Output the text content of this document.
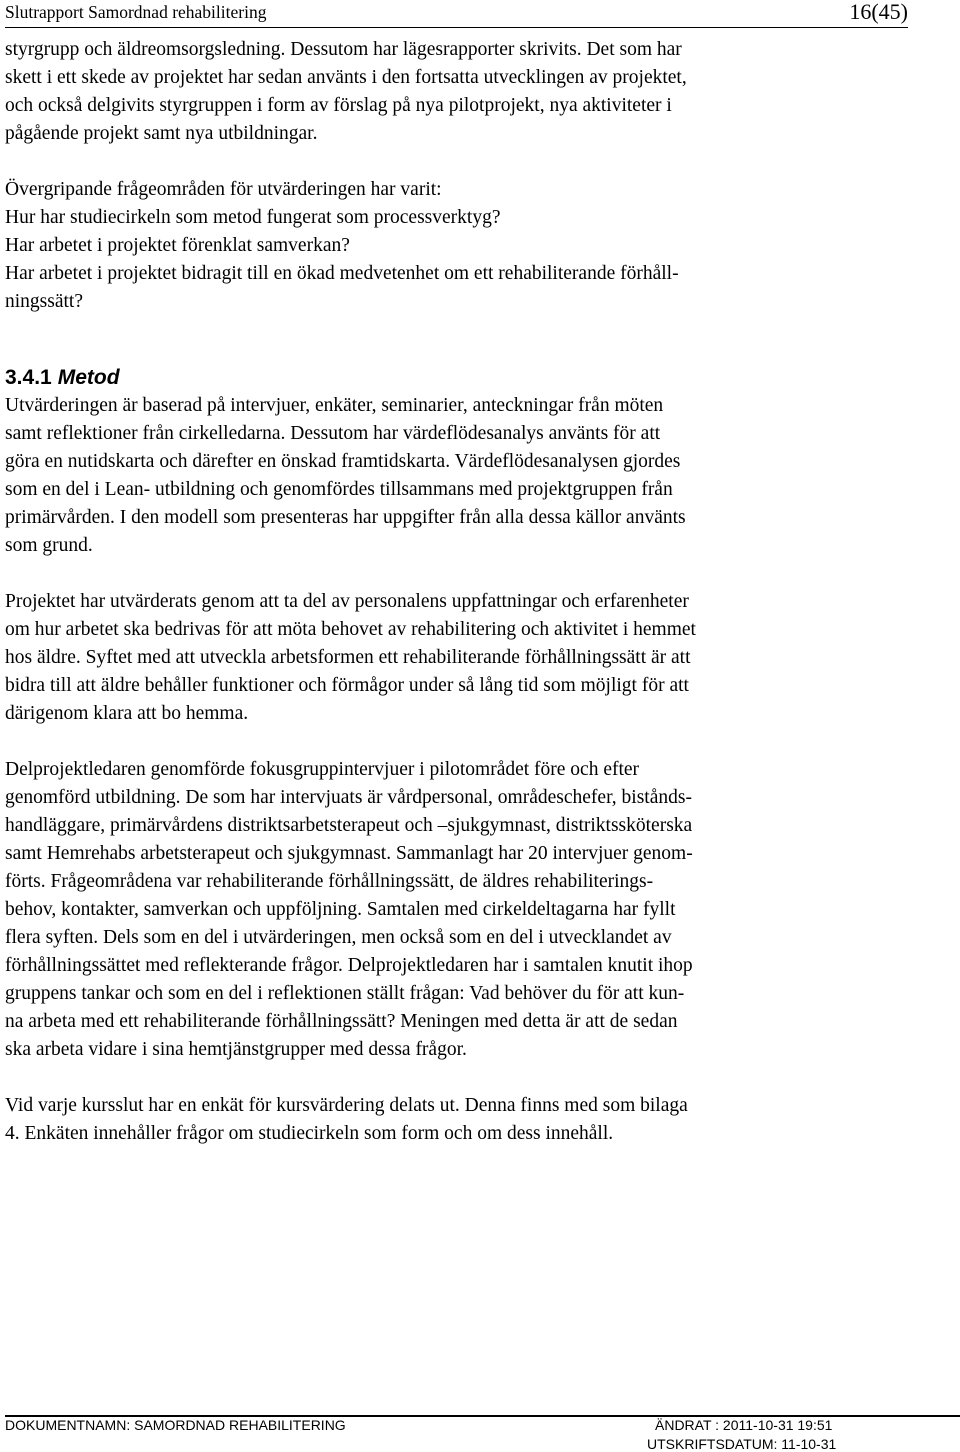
Slutrapport Samordnad rehabilitering	16(45)
styrgrupp och äldreomsorgsledning. Dessutom har lägesrapporter skrivits. Det som har
skett i ett skede av projektet har sedan använts i den fortsatta utvecklingen av projektet,
och också delgivits styrgruppen i form av förslag på nya pilotprojekt, nya aktiviteter i
pågående projekt samt nya utbildningar.
Övergripande frågeområden för utvärderingen har varit:
Hur har studiecirkeln som metod fungerat som processverktyg?
Har arbetet i projektet förenklat samverkan?
Har arbetet i projektet bidragit till en ökad medvetenhet om ett rehabiliterande förhåll-
ningssätt?
3.4.1 Metod
Utvärderingen är baserad på intervjuer, enkäter, seminarier, anteckningar från möten
samt reflektioner från cirkelledarna. Dessutom har värdeflödesanalys använts för att
göra en nutidskarta och därefter en önskad framtidskarta. Värdeflödesanalysen gjordes
som en del i Lean- utbildning och genomfördes tillsammans med projektgruppen från
primärvården. I den modell som presenteras har uppgifter från alla dessa källor använts
som grund.
Projektet har utvärderats genom att ta del av personalens uppfattningar och erfarenheter
om hur arbetet ska bedrivas för att möta behovet av rehabilitering och aktivitet i hemmet
hos äldre. Syftet med att utveckla arbetsformen ett rehabiliterande förhållningssätt är att
bidra till att äldre behåller funktioner och förmågor under så lång tid som möjligt för att
därigenom klara att bo hemma.
Delprojektledaren genomförde fokusgruppintervjuer i pilotområdet före och efter
genomförd utbildning. De som har intervjuats är vårdpersonal, områdeschefer, bistånds-
handläggare, primärvårdens distriktsarbetsterapeut och –sjukgymnast, distriktssköterska
samt Hemrehabs arbetsterapeut och sjukgymnast. Sammanlagt har 20 intervjuer genom-
förts. Frågeområdena var rehabiliterande förhållningssätt, de äldres rehabiliterings-
behov, kontakter, samverkan och uppföljning. Samtalen med cirkeldeltagarna har fyllt
flera syften. Dels som en del i utvärderingen, men också som en del i utvecklandet av
förhållningssättet med reflekterande frågor. Delprojektledaren har i samtalen knutit ihop
gruppens tankar och som en del i reflektionen ställt frågan: Vad behöver du för att kun-
na arbeta med ett rehabiliterande förhållningssätt? Meningen med detta är att de sedan
ska arbeta vidare i sina hemtjänstgrupper med dessa frågor.
Vid varje kursslut har en enkät för kursvärdering delats ut. Denna finns med som bilaga
4. Enkäten innehåller frågor om studiecirkeln som form och om dess innehåll.
DOKUMENTNAMN: SAMORDNAD REHABILITERING	ÄNDRAT : 2011-10-31 19:51
UTSKRIFTSDATUM: 11-10-31
